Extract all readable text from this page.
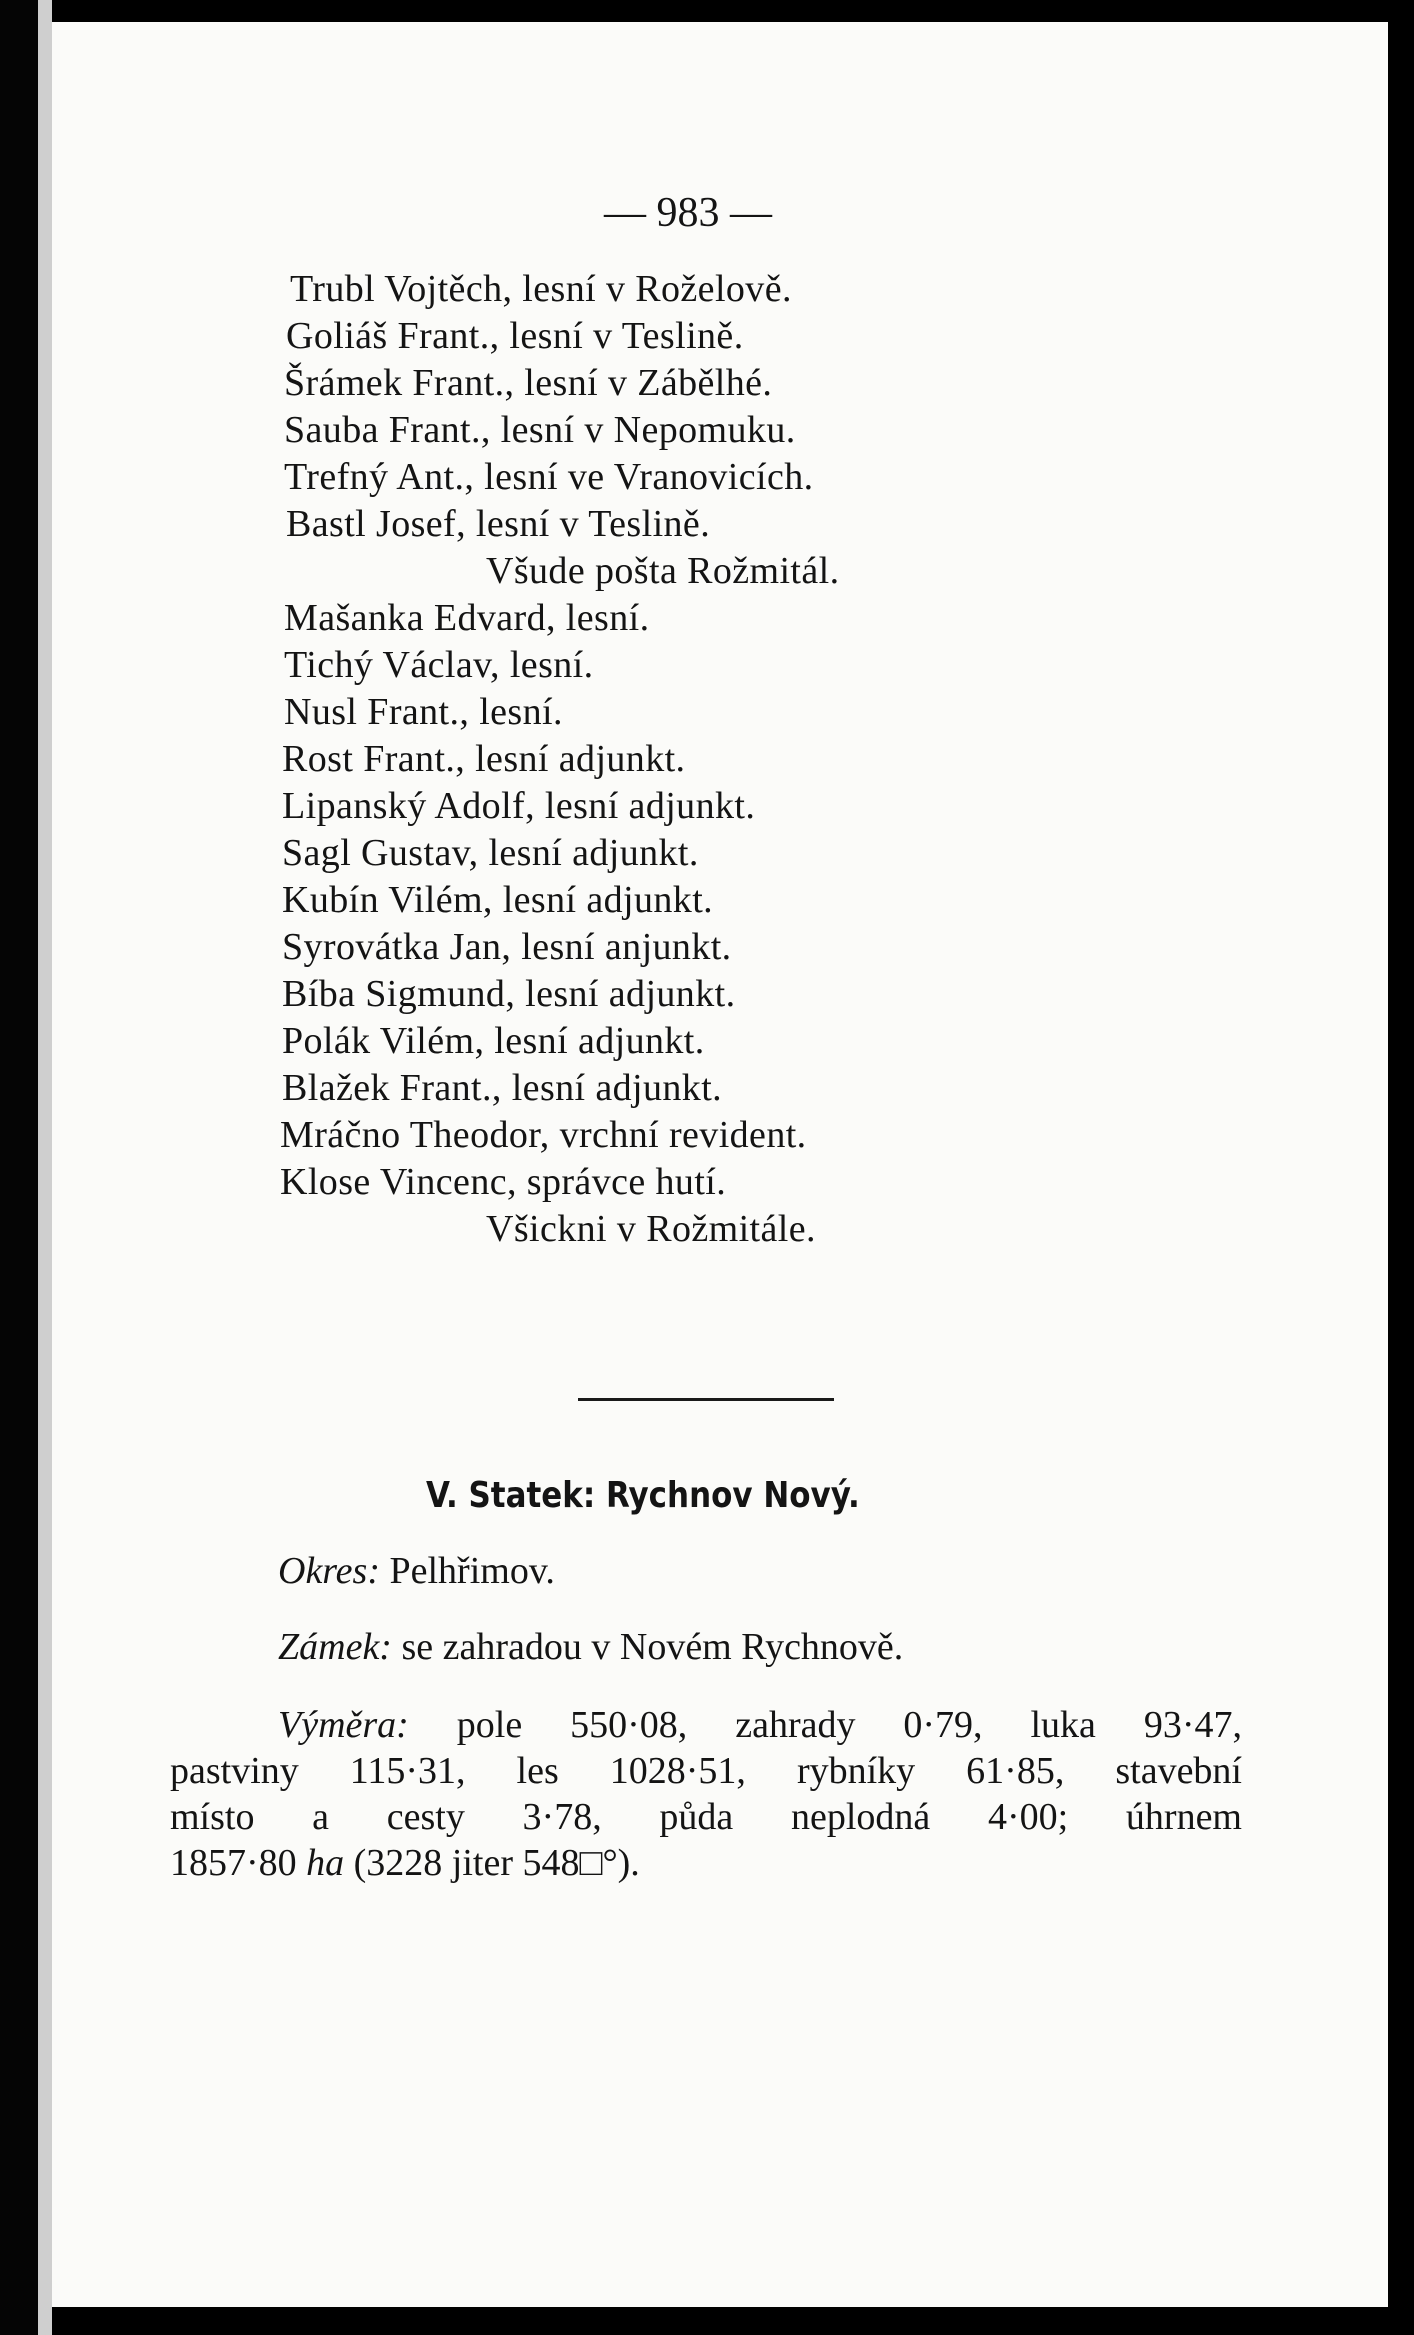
— 983 —
Trubl Vojtěch, lesní v Roželově.
Goliáš Frant., lesní v Teslině.
Šrámek Frant., lesní v Zábělhé.
Sauba Frant., lesní v Nepomuku.
Trefný Ant., lesní ve Vranovicích.
Bastl Josef, lesní v Teslině.
Všude pošta Rožmitál.
Mašanka Edvard, lesní.
Tichý Václav, lesní.
Nusl Frant., lesní.
Rost Frant., lesní adjunkt.
Lipanský Adolf, lesní adjunkt.
Sagl Gustav, lesní adjunkt.
Kubín Vilém, lesní adjunkt.
Syrovátka Jan, lesní anjunkt.
Bíba Sigmund, lesní adjunkt.
Polák Vilém, lesní adjunkt.
Blažek Frant., lesní adjunkt.
Mráčno Theodor, vrchní revident.
Klose Vincenc, správce hutí.
Všickni v Rožmitále.
V. Statek: Rychnov Nový.
Okres: Pelhřimov.
Zámek: se zahradou v Novém Rychnově.
Výměra: pole 550·08, zahrady 0·79, luka 93·47,
pastviny 115·31, les 1028·51, rybníky 61·85, stavební
místo a cesty 3·78, půda neplodná 4·00; úhrnem
1857·80 ha (3228 jiter 548□°).
